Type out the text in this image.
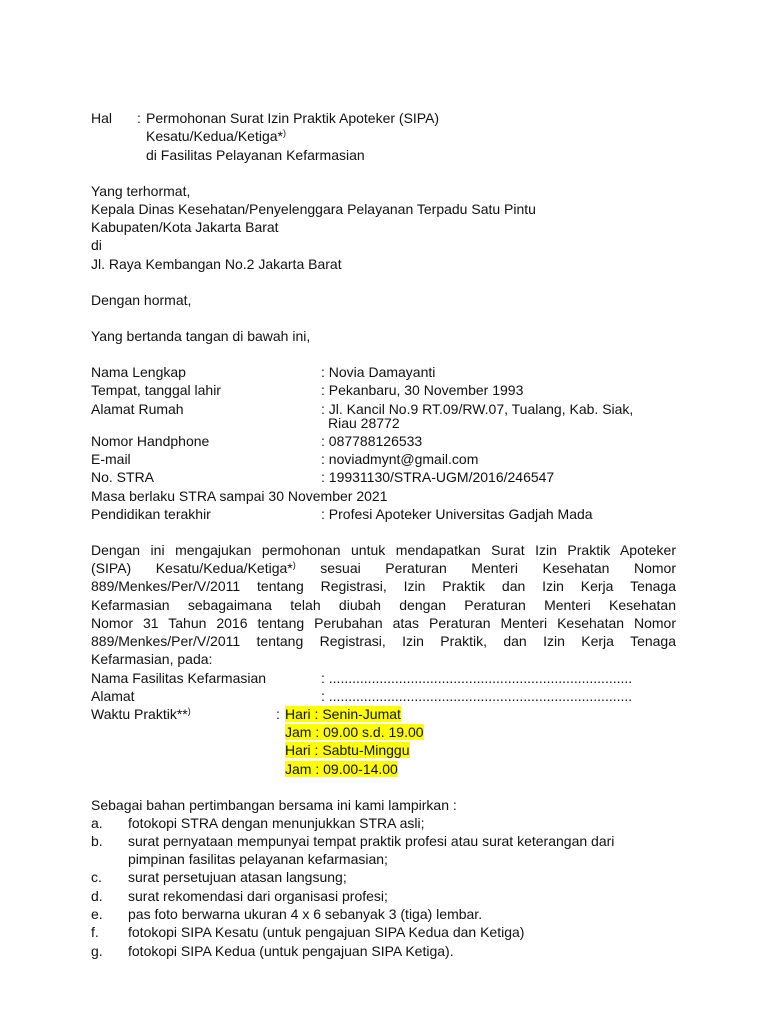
Hal : Permohonan Surat Izin Praktik Apoteker (SIPA)
Kesatu/Kedua/Ketiga*)
di Fasilitas Pelayanan Kefarmasian
Yang terhormat,
Kepala Dinas Kesehatan/Penyelenggara Pelayanan Terpadu Satu Pintu
Kabupaten/Kota Jakarta Barat
di
Jl. Raya Kembangan No.2 Jakarta Barat
Dengan hormat,
Yang bertanda tangan di bawah ini,
Nama Lengkap	: Novia Damayanti
Tempat, tanggal lahir	: Pekanbaru, 30 November 1993
Alamat Rumah	: Jl. Kancil No.9 RT.09/RW.07, Tualang, Kab. Siak,
Riau 28772
Nomor Handphone	: 087788126533
E-mail	: noviadmynt@gmail.com
No. STRA	: 19931130/STRA-UGM/2016/246547
Masa berlaku STRA sampai 30 November 2021
Pendidikan terakhir	: Profesi Apoteker Universitas Gadjah Mada
Dengan ini mengajukan permohonan untuk mendapatkan Surat Izin Praktik Apoteker
(SIPA) Kesatu/Kedua/Ketiga*) sesuai Peraturan Menteri Kesehatan Nomor
889/Menkes/Per/V/2011 tentang Registrasi, Izin Praktik dan Izin Kerja Tenaga
Kefarmasian sebagaimana telah diubah dengan Peraturan Menteri Kesehatan
Nomor 31 Tahun 2016 tentang Perubahan atas Peraturan Menteri Kesehatan Nomor
889/Menkes/Per/V/2011 tentang Registrasi, Izin Praktik, dan Izin Kerja Tenaga
Kefarmasian, pada:
Nama Fasilitas Kefarmasian	: ..............................................................................
Alamat	: ..............................................................................
Waktu Praktik**)	: Hari : Senin-Jumat
Jam : 09.00 s.d. 19.00
Hari : Sabtu-Minggu
Jam : 09.00-14.00
Sebagai bahan pertimbangan bersama ini kami lampirkan :
a. fotokopi STRA dengan menunjukkan STRA asli;
b. surat pernyataan mempunyai tempat praktik profesi atau surat keterangan dari
pimpinan fasilitas pelayanan kefarmasian;
c. surat persetujuan atasan langsung;
d. surat rekomendasi dari organisasi profesi;
e. pas foto berwarna ukuran 4 x 6 sebanyak 3 (tiga) lembar.
f. fotokopi SIPA Kesatu (untuk pengajuan SIPA Kedua dan Ketiga)
g. fotokopi SIPA Kedua (untuk pengajuan SIPA Ketiga).
